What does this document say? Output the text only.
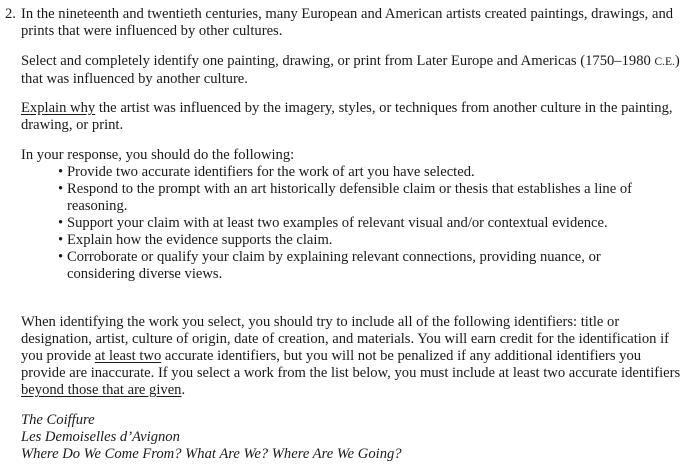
2. In the nineteenth and twentieth centuries, many European and American artists created paintings, drawings, and prints that were influenced by other cultures.

Select and completely identify one painting, drawing, or print from Later Europe and Americas (1750–1980 C.E.) that was influenced by another culture.

Explain why the artist was influenced by the imagery, styles, or techniques from another culture in the painting, drawing, or print.

In your response, you should do the following:
• Provide two accurate identifiers for the work of art you have selected.
• Respond to the prompt with an art historically defensible claim or thesis that establishes a line of reasoning.
• Support your claim with at least two examples of relevant visual and/or contextual evidence.
• Explain how the evidence supports the claim.
• Corroborate or qualify your claim by explaining relevant connections, providing nuance, or considering diverse views.

When identifying the work you select, you should try to include all of the following identifiers: title or designation, artist, culture of origin, date of creation, and materials. You will earn credit for the identification if you provide at least two accurate identifiers, but you will not be penalized if any additional identifiers you provide are inaccurate. If you select a work from the list below, you must include at least two accurate identifiers beyond those that are given.

The Coiffure
Les Demoiselles d’Avignon
Where Do We Come From? What Are We? Where Are We Going?
